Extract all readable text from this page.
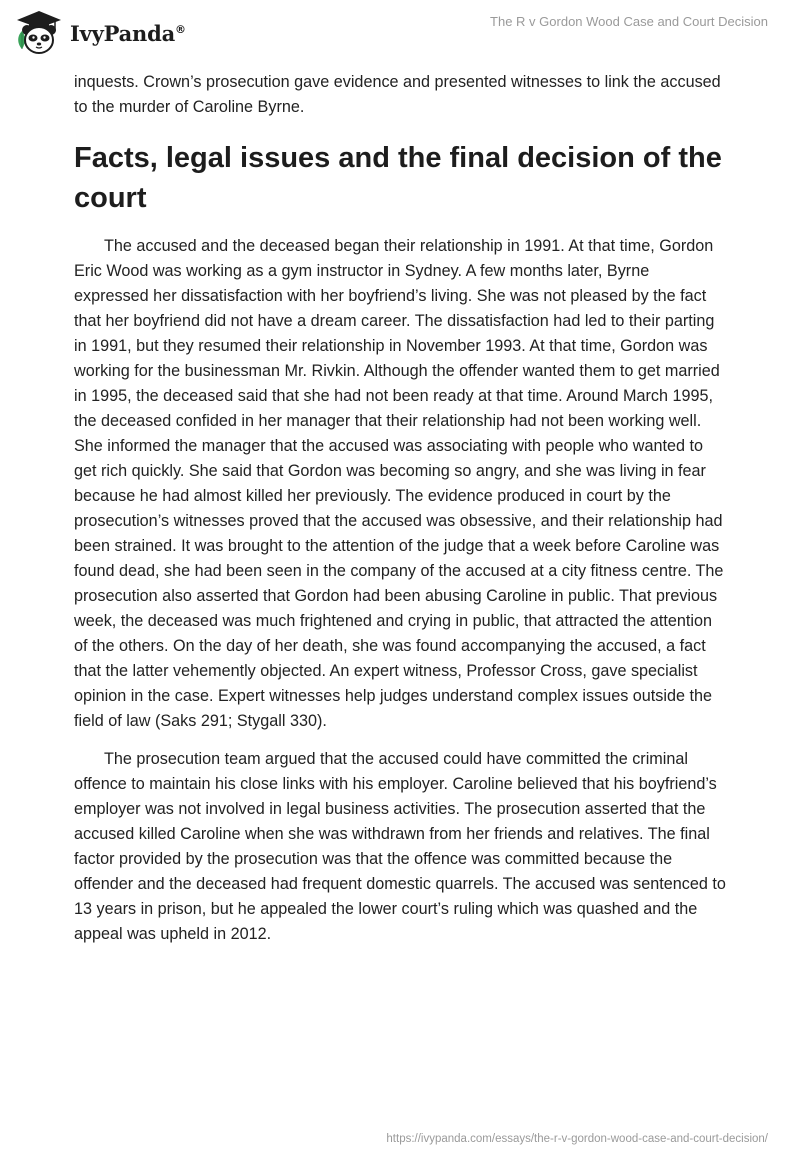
IvyPanda®	The R v Gordon Wood Case and Court Decision

inquests. Crown’s prosecution gave evidence and presented witnesses to link the accused to the murder of Caroline Byrne.

Facts, legal issues and the final decision of the court

The accused and the deceased began their relationship in 1991. At that time, Gordon Eric Wood was working as a gym instructor in Sydney. A few months later, Byrne expressed her dissatisfaction with her boyfriend’s living. She was not pleased by the fact that her boyfriend did not have a dream career. The dissatisfaction had led to their parting in 1991, but they resumed their relationship in November 1993. At that time, Gordon was working for the businessman Mr. Rivkin. Although the offender wanted them to get married in 1995, the deceased said that she had not been ready at that time. Around March 1995, the deceased confided in her manager that their relationship had not been working well. She informed the manager that the accused was associating with people who wanted to get rich quickly. She said that Gordon was becoming so angry, and she was living in fear because he had almost killed her previously. The evidence produced in court by the prosecution’s witnesses proved that the accused was obsessive, and their relationship had been strained. It was brought to the attention of the judge that a week before Caroline was found dead, she had been seen in the company of the accused at a city fitness centre. The prosecution also asserted that Gordon had been abusing Caroline in public. That previous week, the deceased was much frightened and crying in public, that attracted the attention of the others. On the day of her death, she was found accompanying the accused, a fact that the latter vehemently objected. An expert witness, Professor Cross, gave specialist opinion in the case. Expert witnesses help judges understand complex issues outside the field of law (Saks 291; Stygall 330).

The prosecution team argued that the accused could have committed the criminal offence to maintain his close links with his employer. Caroline believed that his boyfriend’s employer was not involved in legal business activities. The prosecution asserted that the accused killed Caroline when she was withdrawn from her friends and relatives. The final factor provided by the prosecution was that the offence was committed because the offender and the deceased had frequent domestic quarrels. The accused was sentenced to 13 years in prison, but he appealed the lower court’s ruling which was quashed and the appeal was upheld in 2012.

https://ivypanda.com/essays/the-r-v-gordon-wood-case-and-court-decision/
